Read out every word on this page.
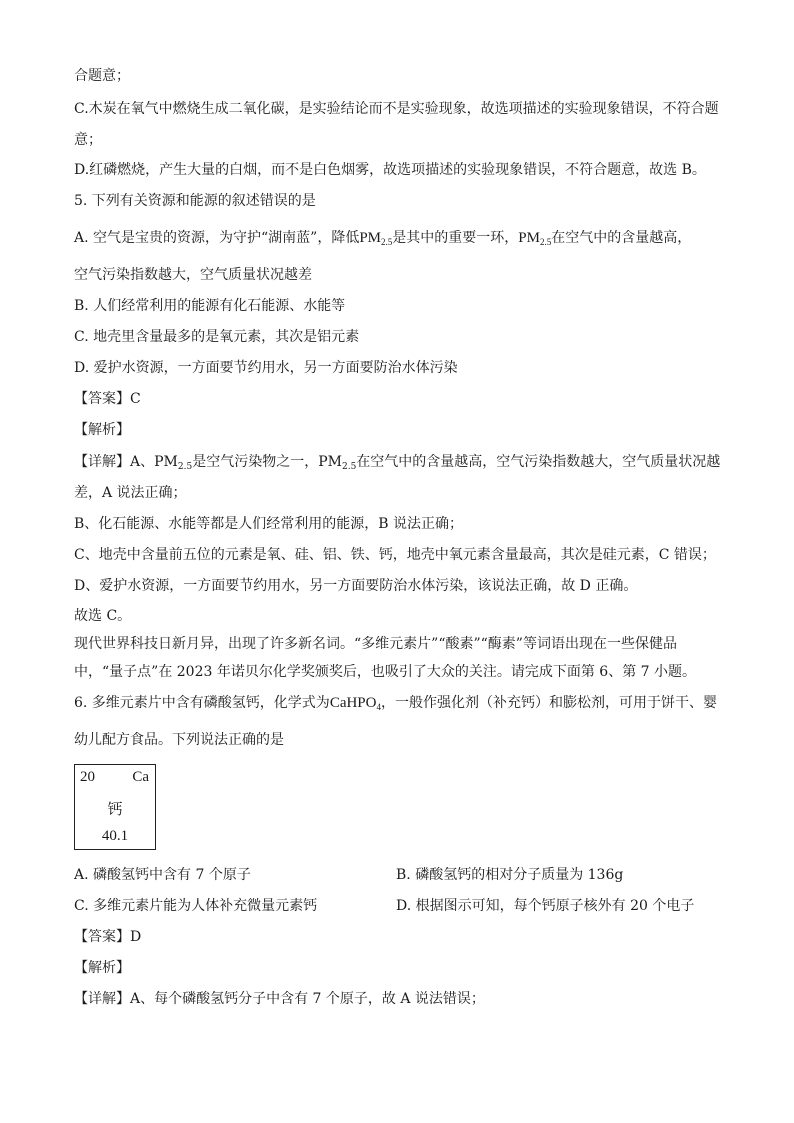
合题意；
C.木炭在氧气中燃烧生成二氧化碳，是实验结论而不是实验现象，故选项描述的实验现象错误，不符合题
意；
D.红磷燃烧，产生大量的白烟，而不是白色烟雾，故选项描述的实验现象错误，不符合题意，故选 B。
5. 下列有关资源和能源的叙述错误的是
A. 空气是宝贵的资源，为守护“湖南蓝”，降低$PM_{2.5}$是其中的重要一环，$PM_{2.5}$在空气中的含量越高，
空气污染指数越大，空气质量状况越差
B. 人们经常利用的能源有化石能源、水能等
C. 地壳里含量最多的是氧元素，其次是铝元素
D. 爱护水资源，一方面要节约用水，另一方面要防治水体污染
【答案】C
【解析】
【详解】A、$PM_{2.5}$是空气污染物之一，$PM_{2.5}$在空气中的含量越高，空气污染指数越大，空气质量状况越
差，A 说法正确；
B、化石能源、水能等都是人们经常利用的能源，B 说法正确；
C、地壳中含量前五位的元素是氧、硅、铝、铁、钙，地壳中氧元素含量最高，其次是硅元素，C 错误；
D、爱护水资源，一方面要节约用水，另一方面要防治水体污染，该说法正确，故 D 正确。
故选 C。
现代世界科技日新月异，出现了许多新名词。“多维元素片”“酸素”“酶素”等词语出现在一些保健品
中，“量子点”在 2023 年诺贝尔化学奖颁奖后，也吸引了大众的关注。请完成下面第 6、第 7 小题。
6. 多维元素片中含有磷酸氢钙，化学式为CaHPO$_4$，一般作强化剂（补充钙）和膨松剂，可用于饼干、婴
幼儿配方食品。下列说法正确的是
20 Ca
钙
40.1
A. 磷酸氢钙中含有 7 个原子	B. 磷酸氢钙的相对分子质量为 136g
C. 多维元素片能为人体补充微量元素钙	D. 根据图示可知，每个钙原子核外有 20 个电子
【答案】D
【解析】
【详解】A、每个磷酸氢钙分子中含有 7 个原子，故 A 说法错误；
